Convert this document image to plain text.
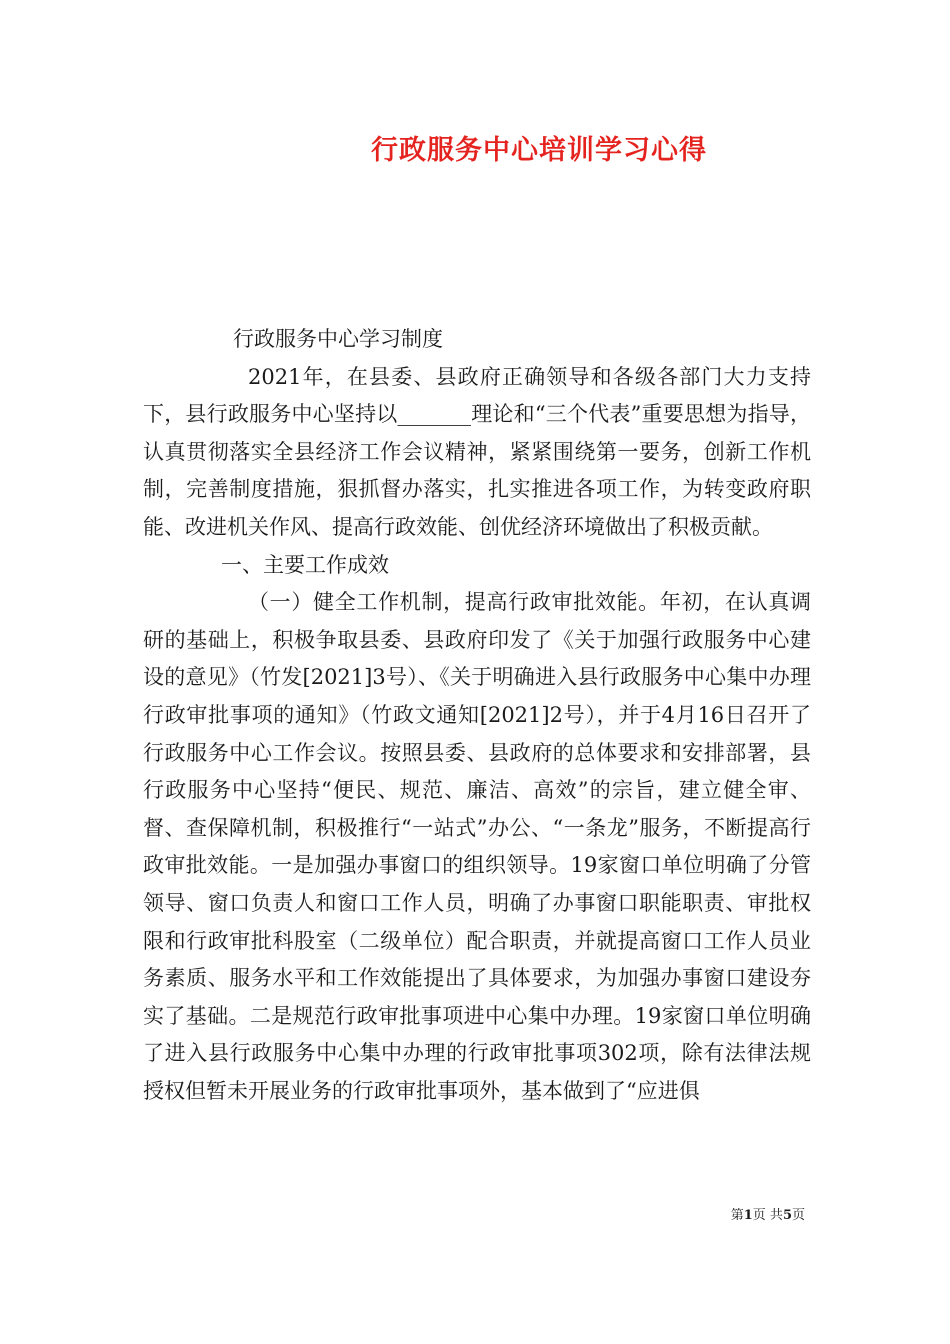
行政服务中心培训学习心得

行政服务中心学习制度

2021年，在县委、县政府正确领导和各级各部门大力支持下，县行政服务中心坚持以_______理论和“三个代表”重要思想为指导，认真贯彻落实全县经济工作会议精神，紧紧围绕第一要务，创新工作机制，完善制度措施，狠抓督办落实，扎实推进各项工作，为转变政府职能、改进机关作风、提高行政效能、创优经济环境做出了积极贡献。

一、主要工作成效

（一）健全工作机制，提高行政审批效能。年初，在认真调研的基础上，积极争取县委、县政府印发了《关于加强行政服务中心建设的意见》（竹发[2021]3号）、《关于明确进入县行政服务中心集中办理行政审批事项的通知》（竹政文通知[2021]2号），并于4月16日召开了行政服务中心工作会议。按照县委、县政府的总体要求和安排部署，县行政服务中心坚持“便民、规范、廉洁、高效”的宗旨，建立健全审、督、查保障机制，积极推行“一站式”办公、“一条龙”服务，不断提高行政审批效能。一是加强办事窗口的组织领导。19家窗口单位明确了分管领导、窗口负责人和窗口工作人员，明确了办事窗口职能职责、审批权限和行政审批科股室（二级单位）配合职责，并就提高窗口工作人员业务素质、服务水平和工作效能提出了具体要求，为加强办事窗口建设夯实了基础。二是规范行政审批事项进中心集中办理。19家窗口单位明确了进入县行政服务中心集中办理的行政审批事项302项，除有法律法规授权但暂未开展业务的行政审批事项外，基本做到了“应进俱

第1页 共5页
